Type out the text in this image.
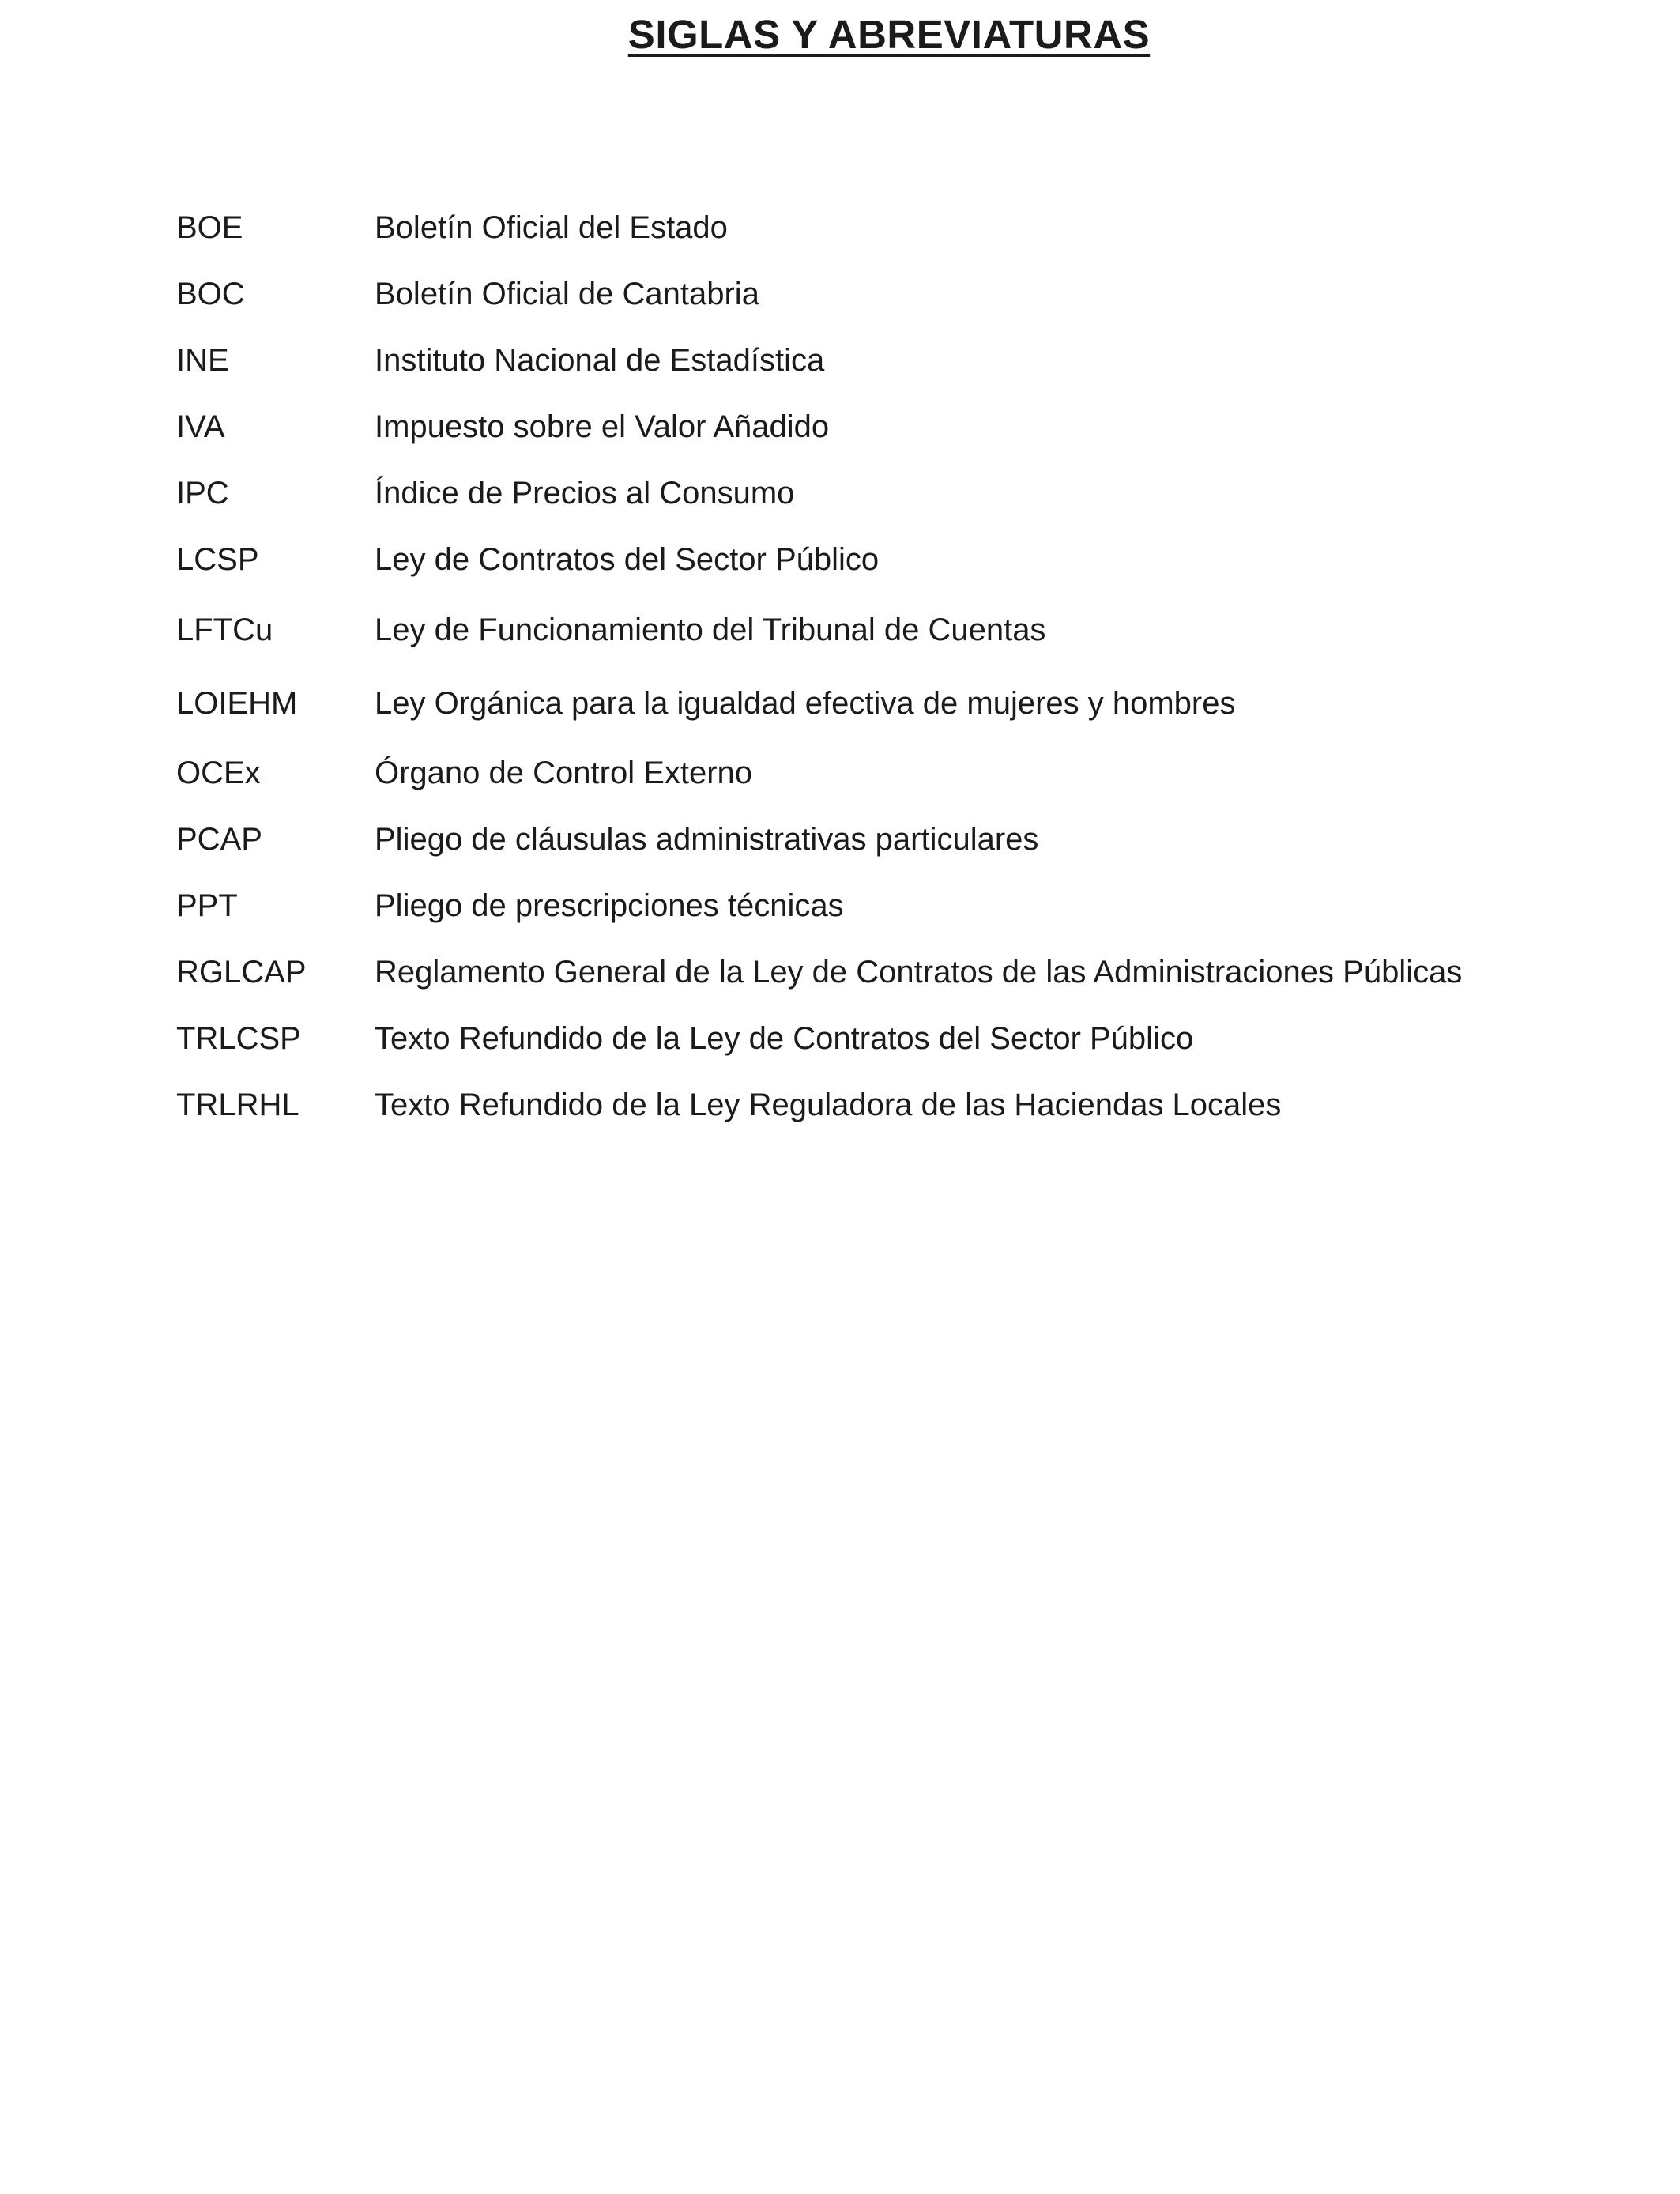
SIGLAS Y ABREVIATURAS
BOE	Boletín Oficial del Estado
BOC	Boletín Oficial de Cantabria
INE	Instituto Nacional de Estadística
IVA	Impuesto sobre el Valor Añadido
IPC	Índice de Precios al Consumo
LCSP	Ley de Contratos del Sector Público
LFTCu	Ley de Funcionamiento del Tribunal de Cuentas
LOIEHM Ley Orgánica para la igualdad efectiva de mujeres y hombres
OCEx	Órgano de Control Externo
PCAP	Pliego de cláusulas administrativas particulares
PPT	Pliego de prescripciones técnicas
RGLCAP Reglamento General de la Ley de Contratos de las Administraciones Públicas
TRLCSP Texto Refundido de la Ley de Contratos del Sector Público
TRLRHL Texto Refundido de la Ley Reguladora de las Haciendas Locales
